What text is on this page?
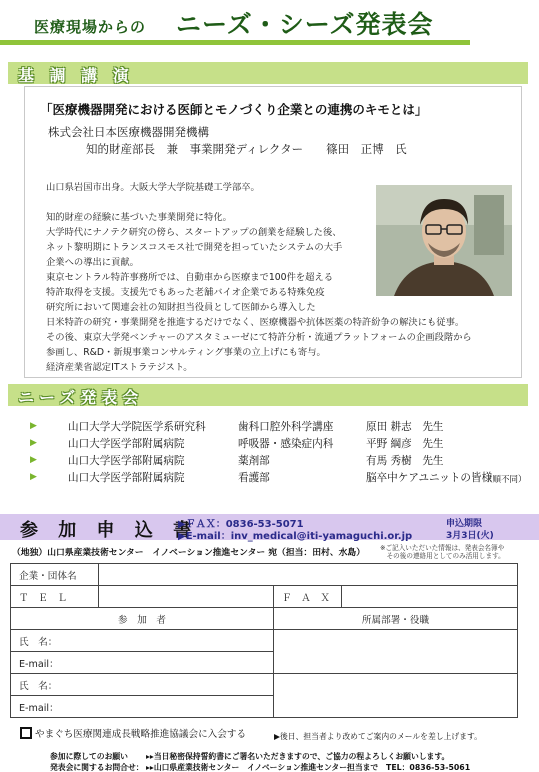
医療現場からの ニーズ・シーズ発表会
基 調 講 演
「医療機器開発における医師とモノづくり企業との連携のキモとは」
株式会社日本医療機器開発機構
知的財産部長　兼　事業開発ディレクター　　篠田　正博　氏
山口県岩国市出身。大阪大学大学院基礎工学部卒。
知的財産の経験に基づいた事業開発に特化。
大学時代にナノテク研究の傍ら、スタートアップの創業を経験した後、
ネット黎明期にトランスコスモス社で開発を担っていたシステムの大手
企業への導出に貢献。
東京セントラル特許事務所では、自動車から医療まで100件を超える
特許取得を支援。支援先でもあった老舗バイオ企業である特殊免疫
研究所において関連会社の知財担当役員として医師から導入した
日米特許の研究・事業開発を推進するだけでなく、医療機器や抗体医薬の特許紛争の解決にも従事。
その後、東京大学発ベンチャーのアスタミューゼにて特許分析・流通プラットフォームの企画段階から
参画し、R&D・新規事業コンサルティング事業の立上げにも寄与。
経済産業省認定ITストラテジスト。
ニーズ発表会
▶	山口大学大学院医学系研究科	歯科口腔外科学講座	原田 耕志　先生
▶	山口大学医学部附属病院	呼吸器・感染症内科	平野 綱彦　先生
▶	山口大学医学部附属病院	薬剤部	有馬 秀樹　先生
▶	山口大学医学部附属病院	看護部	脳卒中ケアユニットの皆様
（順不同）
参 加 申 込 書
▶ＦＡＸ：0836-53-5071
▶E-mail：inv_medical@iti-yamaguchi.or.jp
申込期限
3月3日(火)
（地独）山口県産業技術センター　イノベーション推進センター 宛（担当：田村、水島） ※ご記入いただいた情報は、発表会名簿や
　その後の連絡用としてのみ活用します。
企業・団体名			
Ｔ　Ｅ　Ｌ		Ｆ　Ａ　Ｘ	
参　加　者		所属部署・役職	
氏　名：			
E-mail：			
氏　名：			
E-mail：			
やまぐち医療関連成長戦略推進協議会に入会する	▶後日、担当者より改めてご案内のメールを差し上げます。
参加に際してのお願い ▸▸当日秘密保持誓約書にご署名いただきますので、ご協力の程よろしくお願いします。
発表会に関するお問合せ： ▸▸山口県産業技術センター　イノベーション推進センター担当まで　TEL：0836-53-5061
